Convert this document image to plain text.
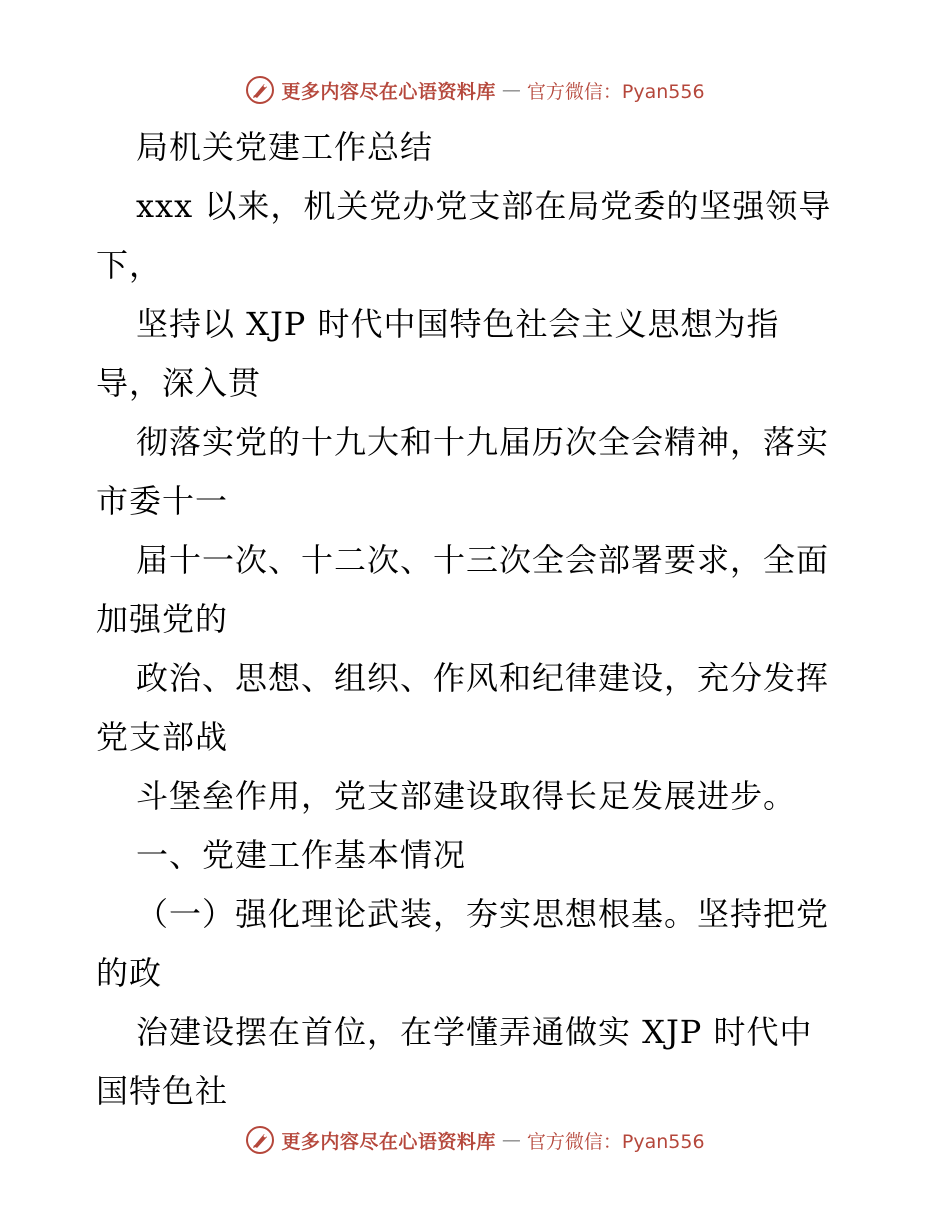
更多内容尽在心语资料库 — 官方微信：Pyan556
局机关党建工作总结
xxx 以来，机关党办党支部在局党委的坚强领导
下，
坚持以 XJP 时代中国特色社会主义思想为指
导，深入贯
彻落实党的十九大和十九届历次全会精神，落实
市委十一
届十一次、十二次、十三次全会部署要求，全面
加强党的
政治、思想、组织、作风和纪律建设，充分发挥
党支部战
斗堡垒作用，党支部建设取得长足发展进步。
一、党建工作基本情况
（一）强化理论武装，夯实思想根基。坚持把党
的政
治建设摆在首位，在学懂弄通做实 XJP 时代中
国特色社
更多内容尽在心语资料库 — 官方微信：Pyan556
